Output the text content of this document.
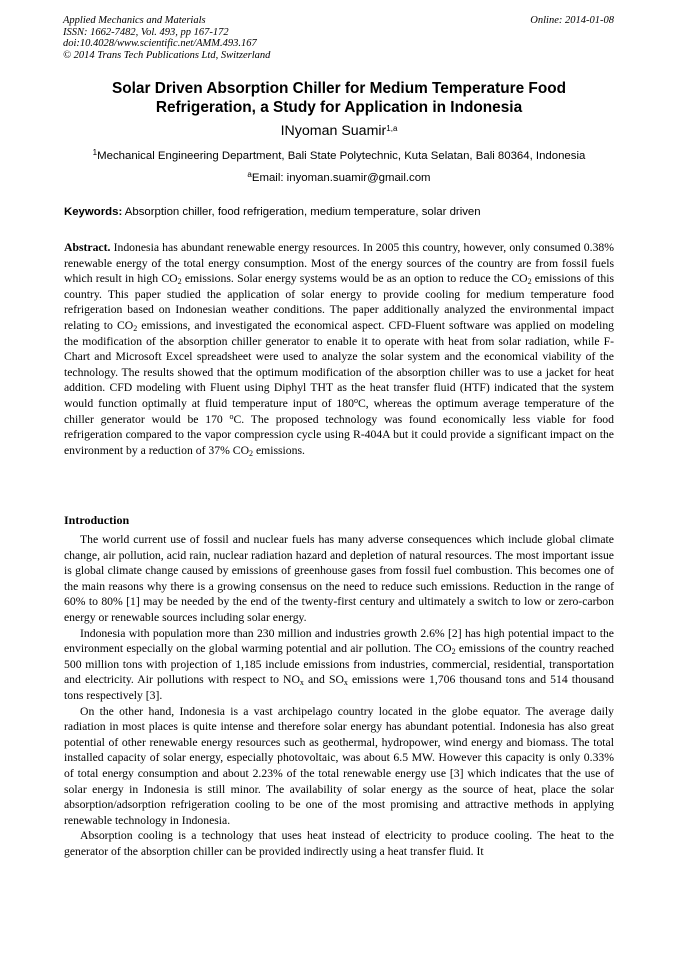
Applied Mechanics and Materials
ISSN: 1662-7482, Vol. 493, pp 167-172
doi:10.4028/www.scientific.net/AMM.493.167
© 2014 Trans Tech Publications Ltd, Switzerland
Online: 2014-01-08
Solar Driven Absorption Chiller for Medium Temperature Food
Refrigeration, a Study for Application in Indonesia
INyoman Suamir$^{1,a}$
$^1$Mechanical Engineering Department, Bali State Polytechnic, Kuta Selatan, Bali 80364, Indonesia
$^a$Email: inyoman.suamir@gmail.com
Keywords: Absorption chiller, food refrigeration, medium temperature, solar driven

Abstract. Indonesia has abundant renewable energy resources. In 2005 this country, however, only consumed 0.38% renewable energy of the total energy consumption. Most of the energy sources of the country are from fossil fuels which result in high $CO_2$ emissions. Solar energy systems would be as an option to reduce the $CO_2$ emissions of this country. This paper studied the application of solar energy to provide cooling for medium temperature food refrigeration based on Indonesian weather conditions. The paper additionally analyzed the environmental impact relating to $CO_2$ emissions, and investigated the economical aspect. CFD-Fluent software was applied on modeling the modification of the absorption chiller generator to enable it to operate with heat from solar radiation, while F-Chart and Microsoft Excel spreadsheet were used to analyze the solar system and the economical viability of the technology. The results showed that the optimum modification of the absorption chiller was to use a jacket for heat addition. CFD modeling with Fluent using Diphyl THT as the heat transfer fluid (HTF) indicated that the system would function optimally at fluid temperature input of 180$^o$C, whereas the optimum average temperature of the chiller generator would be 170 $^o$C. The proposed technology was found economically less viable for food refrigeration compared to the vapor compression cycle using R-404A but it could provide a significant impact on the environment by a reduction of 37% $CO_2$ emissions.

Introduction

The world current use of fossil and nuclear fuels has many adverse consequences which include global climate change, air pollution, acid rain, nuclear radiation hazard and depletion of natural resources. The most important issue is global climate change caused by emissions of greenhouse gases from fossil fuel combustion. This becomes one of the main reasons why there is a growing consensus on the need to reduce such emissions. Reduction in the range of 60% to 80% [1] may be needed by the end of the twenty-first century and ultimately a switch to low or zero-carbon energy or renewable sources including solar energy.

Indonesia with population more than 230 million and industries growth 2.6% [2] has high potential impact to the environment especially on the global warming potential and air pollution. The $CO_2$ emissions of the country reached 500 million tons with projection of 1,185 include emissions from industries, commercial, residential, transportation and electricity. Air pollutions with respect to $NO_x$ and $SO_x$ emissions were 1,706 thousand tons and 514 thousand tons respectively [3].

On the other hand, Indonesia is a vast archipelago country located in the globe equator. The average daily radiation in most places is quite intense and therefore solar energy has abundant potential. Indonesia has also great potential of other renewable energy resources such as geothermal, hydropower, wind energy and biomass. The total installed capacity of solar energy, especially photovoltaic, was about 6.5 MW. However this capacity is only 0.33% of total energy consumption and about 2.23% of the total renewable energy use [3] which indicates that the use of solar energy in Indonesia is still minor. The availability of solar energy as the source of heat, place the solar absorption/adsorption refrigeration cooling to be one of the most promising and attractive methods in applying renewable technology in Indonesia.

Absorption cooling is a technology that uses heat instead of electricity to produce cooling. The heat to the generator of the absorption chiller can be provided indirectly using a heat transfer fluid. It
